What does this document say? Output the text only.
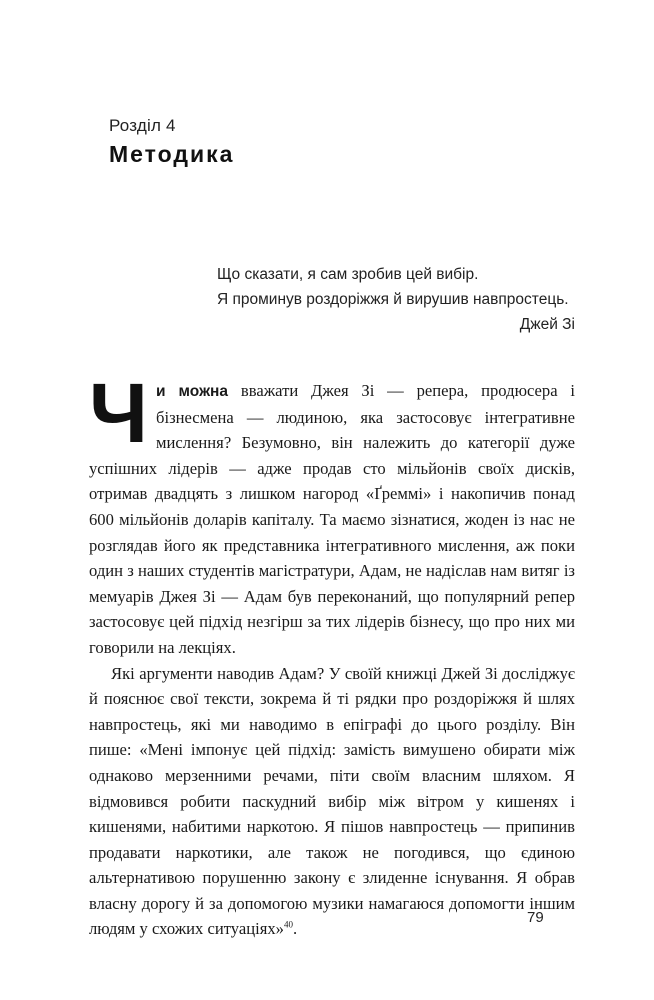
Розділ 4
Методика
Що сказати, я сам зробив цей вибір.
Я проминув роздоріжжя й вирушив навпростець.
Джей Зі

Чи можна вважати Джея Зі — репера, продюсера і бізнесмена — людиною, яка застосовує інтегративне мислення? Безумовно, він належить до категорії дуже успішних лідерів — адже продав сто мільйонів своїх дисків, отримав двадцять з лишком нагород «Ґреммі» і накопичив понад 600 мільйонів доларів капіталу. Та маємо зізнатися, жоден із нас не розглядав його як представника інтегративного мислення, аж поки один з наших студентів магістратури, Адам, не надіслав нам витяг із мемуарів Джея Зі — Адам був переконаний, що популярний репер застосовує цей підхід незгірш за тих лідерів бізнесу, що про них ми говорили на лекціях.

Які аргументи наводив Адам? У своїй книжці Джей Зі досліджує й пояснює свої тексти, зокрема й ті рядки про роздоріжжя й шлях навпростець, які ми наводимо в епіграфі до цього розділу. Він пише: «Мені імпонує цей підхід: замість вимушено обирати між однаково мерзенними речами, піти своїм власним шляхом. Я відмовився робити паскудний вибір між вітром у кишенях і кишенями, набитими наркотою. Я пішов навпростець — припинив продавати наркотики, але також не погодився, що єдиною альтернативою порушенню закону є злиденне існування. Я обрав власну дорогу й за допомогою музики намагаюся допомогти іншим людям у схожих ситуаціях»$^{40}$.

79
